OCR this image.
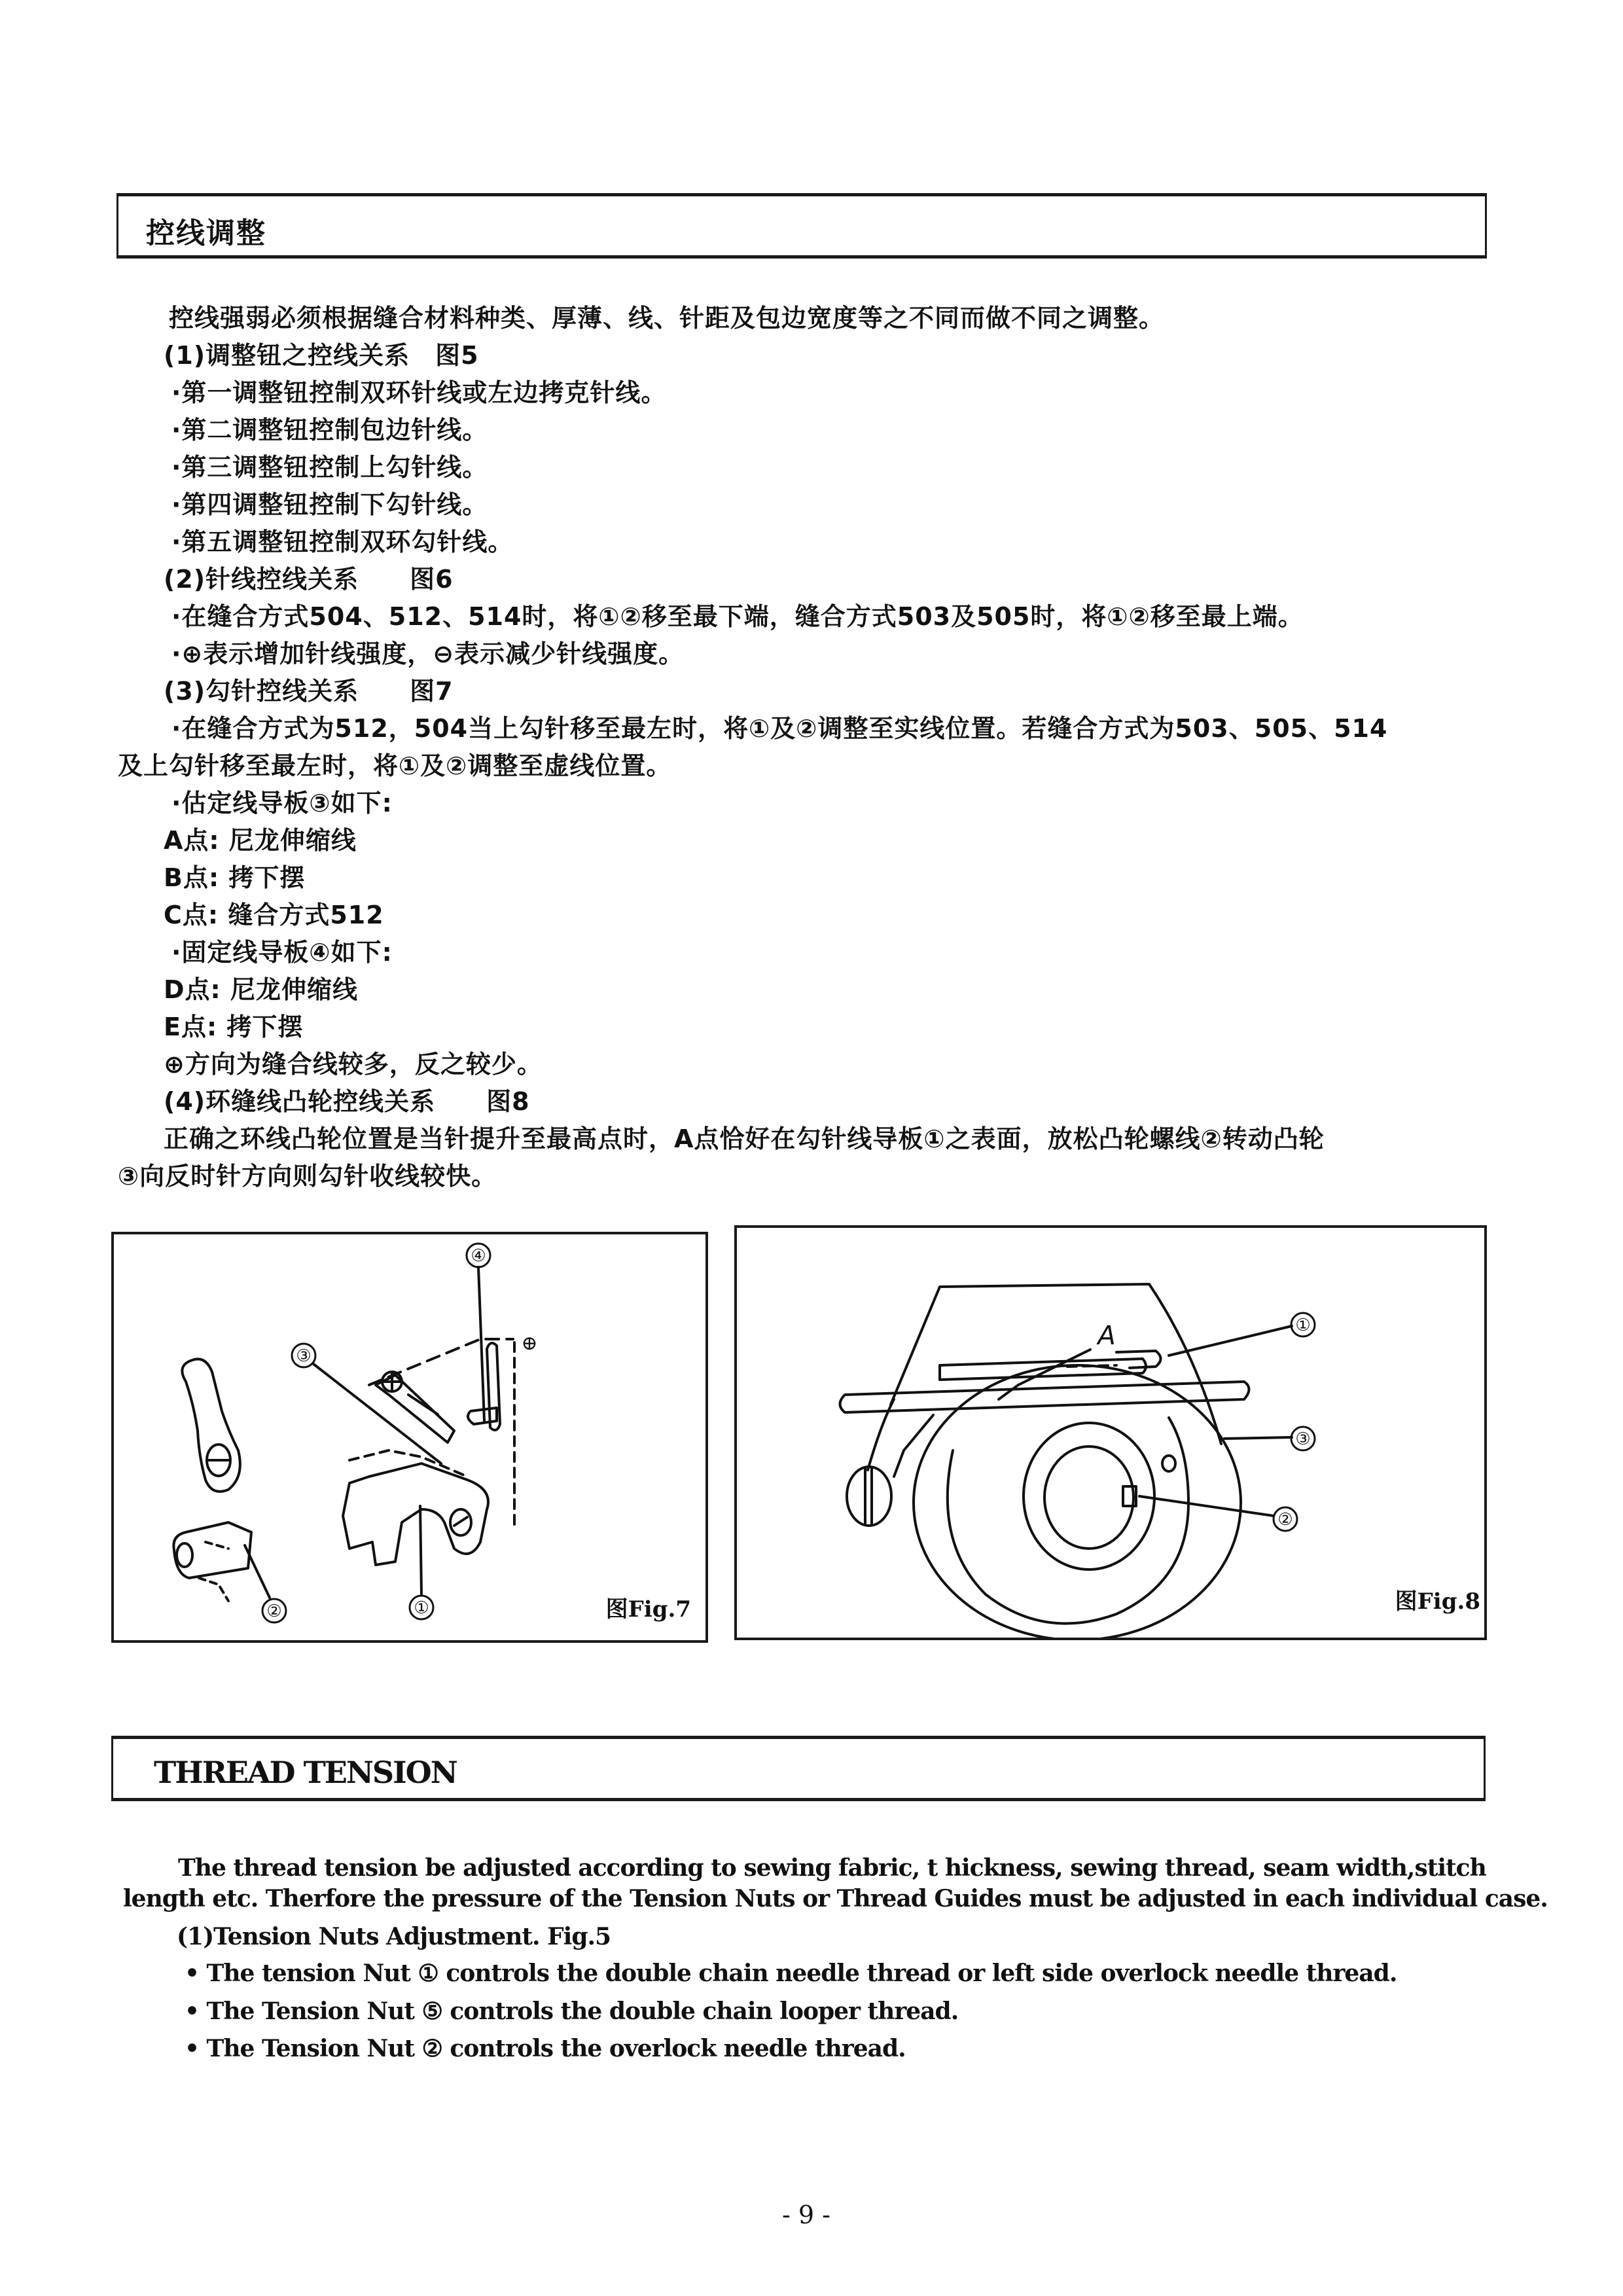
控线调整
控线强弱必须根据缝合材料种类、厚薄、线、针距及包边宽度等之不同而做不同之调整。
(1)调整钮之控线关系　图5
·第一调整钮控制双环针线或左边拷克针线。
·第二调整钮控制包边针线。
·第三调整钮控制上勾针线。
·第四调整钮控制下勾针线。
·第五调整钮控制双环勾针线。
(2)针线控线关系　　图6
·在缝合方式504、512、514时，将①②移至最下端，缝合方式503及505时，将①②移至最上端。
·⊕表示增加针线强度，⊖表示减少针线强度。
(3)勾针控线关系　　图7
·在缝合方式为512，504当上勾针移至最左时，将①及②调整至实线位置。若缝合方式为503、505、514
及上勾针移至最左时，将①及②调整至虚线位置。
·估定线导板③如下:
A点: 尼龙伸缩线
B点: 拷下摆
C点: 缝合方式512
·固定线导板④如下:
D点: 尼龙伸缩线
E点: 拷下摆
⊕方向为缝合线较多，反之较少。
(4)环缝线凸轮控线关系　　图8
正确之环线凸轮位置是当针提升至最高点时，A点恰好在勾针线导板①之表面，放松凸轮螺线②转动凸轮
③向反时针方向则勾针收线较快。
③
④
①
②
⊕
图Fig.7
①
③
②
A
图Fig.8
THREAD TENSION
The thread tension be adjusted according to sewing fabric, t hickness, sewing thread, seam width,stitch
length etc. Therfore the pressure of the Tension Nuts or Thread Guides must be adjusted in each individual case.
(1)Tension Nuts Adjustment. Fig.5
• The tension Nut ① controls the double chain needle thread or left side overlock needle thread.
• The Tension Nut ⑤ controls the double chain looper thread.
• The Tension Nut ② controls the overlock needle thread.
- 9 -
